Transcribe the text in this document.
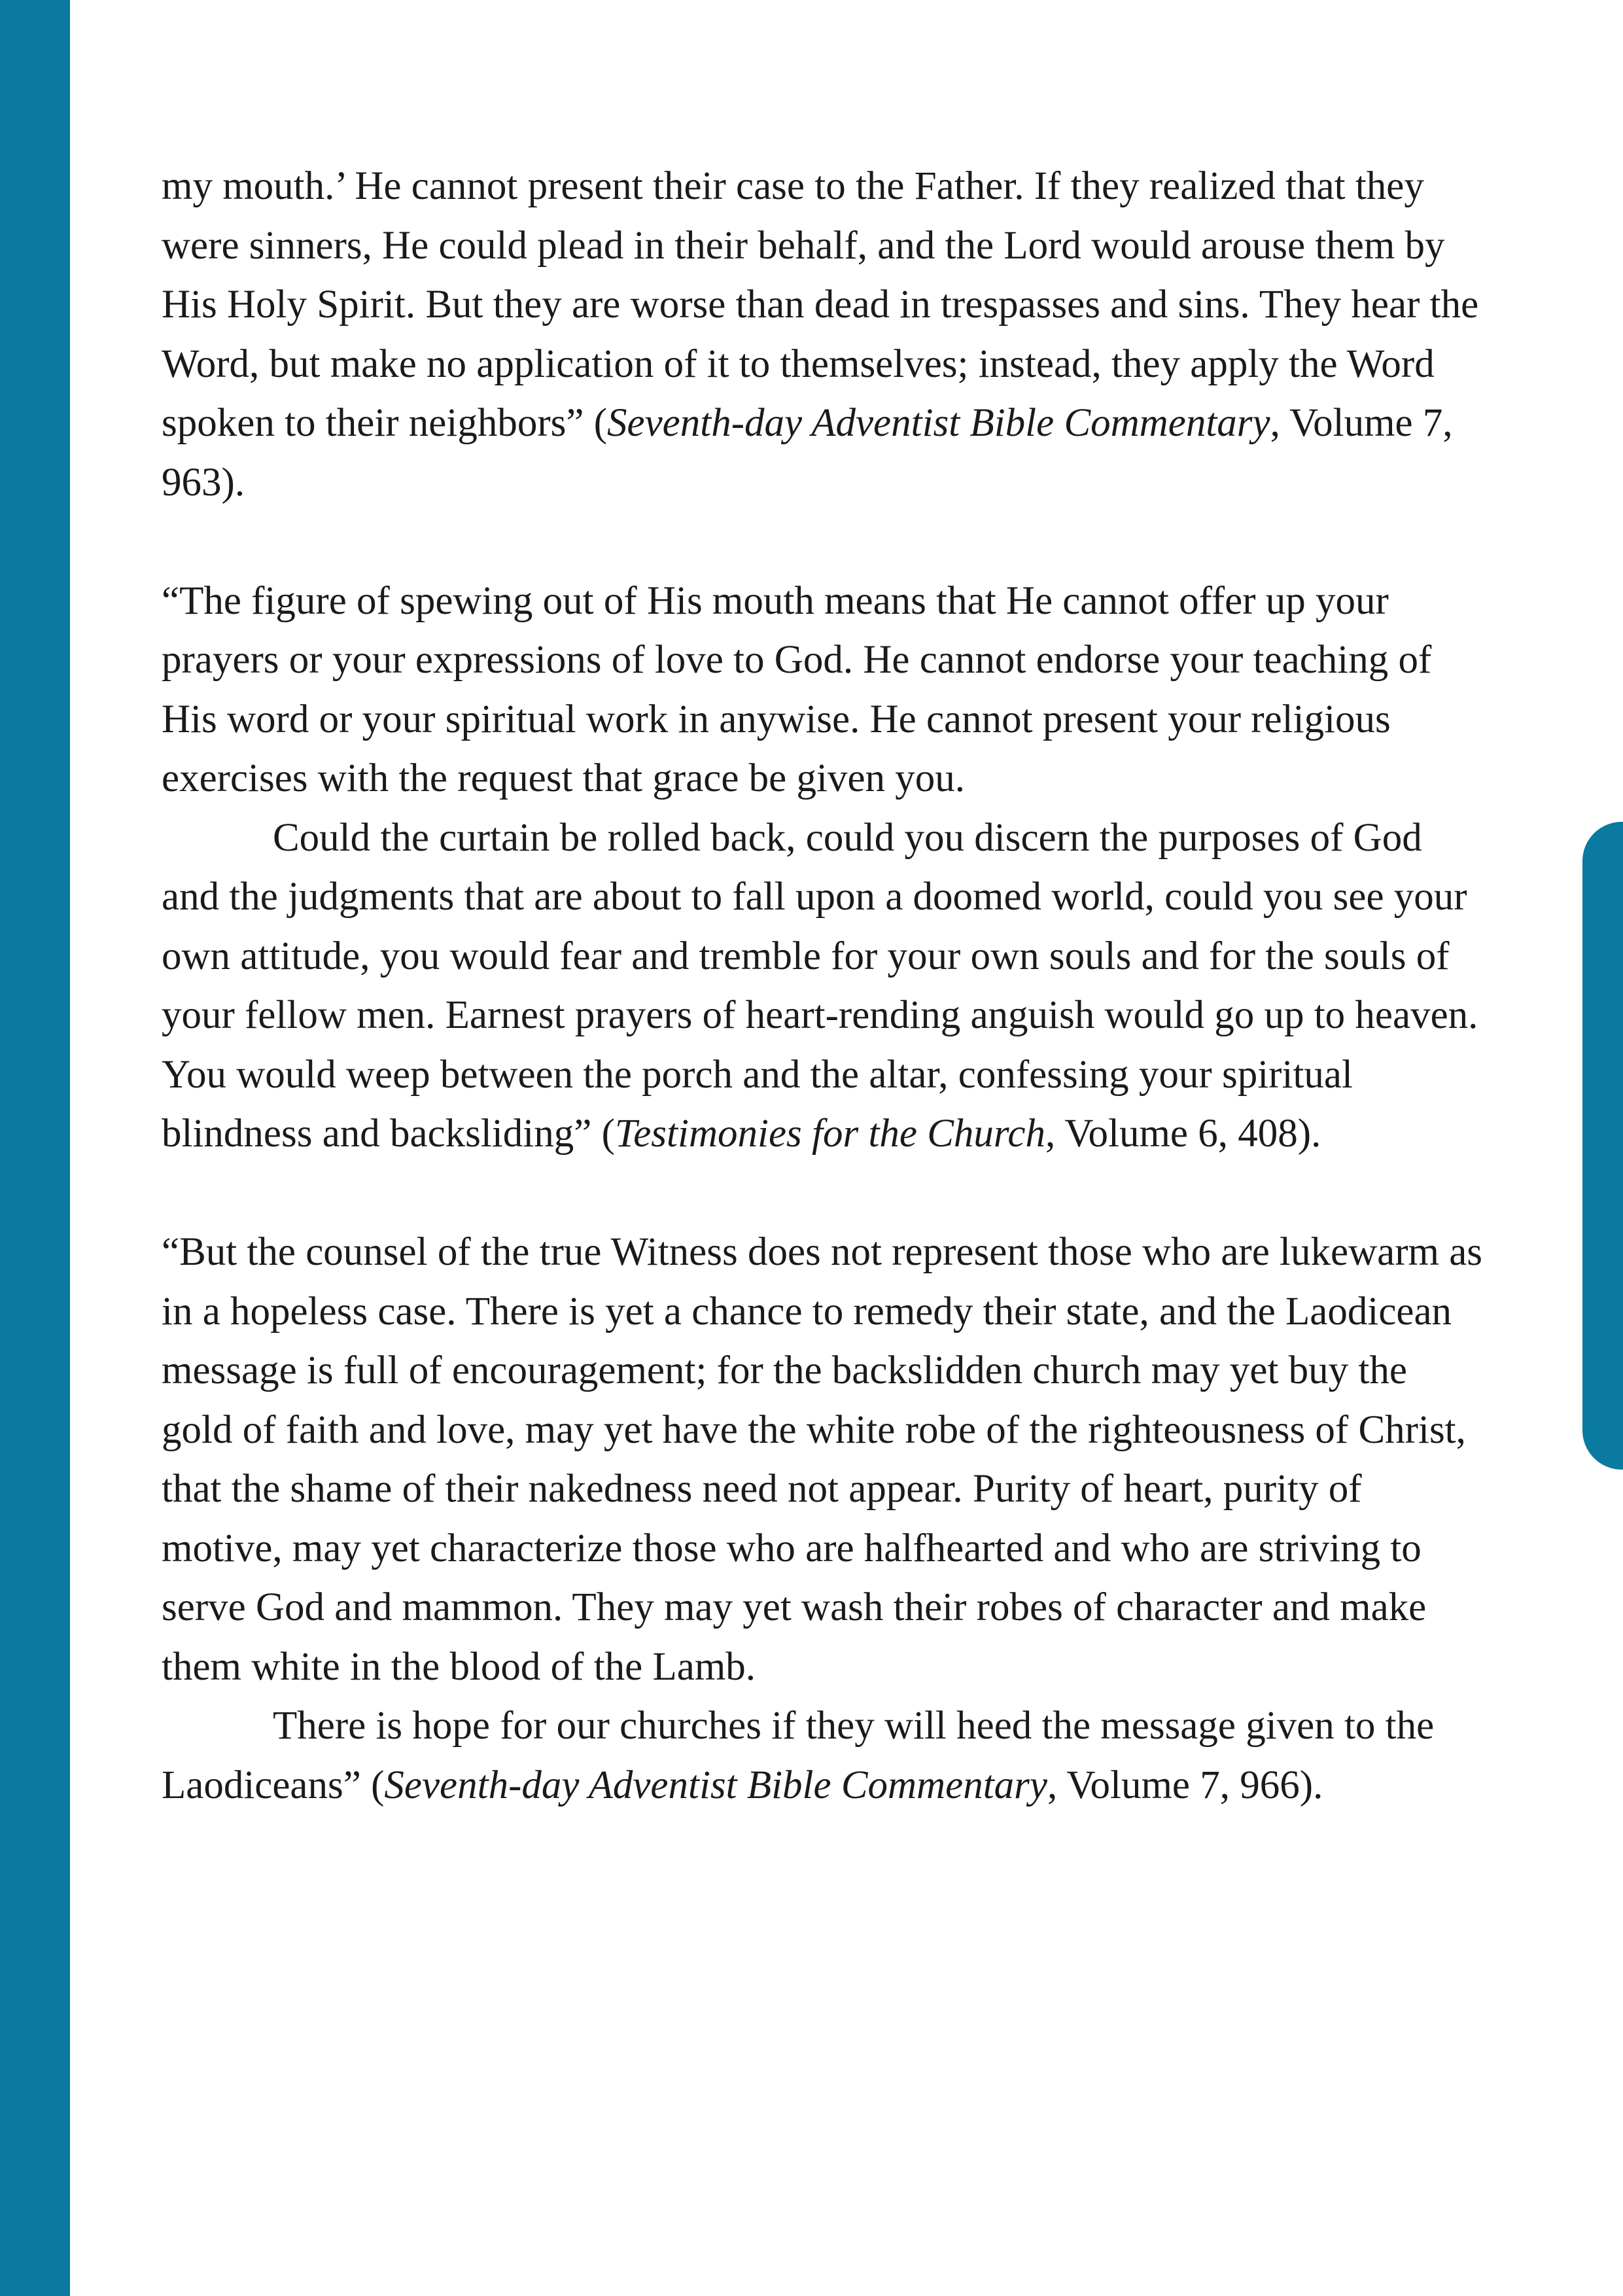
my mouth.’ He cannot present their case to the Father. If they realized that they were sinners, He could plead in their behalf, and the Lord would arouse them by His Holy Spirit. But they are worse than dead in trespasses and sins. They hear the Word, but make no application of it to themselves; instead, they apply the Word spoken to their neighbors” (Seventh-day Adventist Bible Commentary, Volume 7, 963).

“The figure of spewing out of His mouth means that He cannot offer up your prayers or your expressions of love to God. He cannot endorse your teaching of His word or your spiritual work in anywise. He cannot present your religious exercises with the request that grace be given you.

Could the curtain be rolled back, could you discern the purposes of God and the judgments that are about to fall upon a doomed world, could you see your own attitude, you would fear and tremble for your own souls and for the souls of your fellow men. Earnest prayers of heart-rending anguish would go up to heaven. You would weep between the porch and the altar, confessing your spiritual blindness and backsliding” (Testimonies for the Church, Volume 6, 408).

“But the counsel of the true Witness does not represent those who are lukewarm as in a hopeless case. There is yet a chance to remedy their state, and the Laodicean message is full of encouragement; for the backslidden church may yet buy the gold of faith and love, may yet have the white robe of the righteousness of Christ, that the shame of their nakedness need not appear. Purity of heart, purity of motive, may yet characterize those who are halfhearted and who are striving to serve God and mammon. They may yet wash their robes of character and make them white in the blood of the Lamb.

There is hope for our churches if they will heed the message given to the Laodiceans” (Seventh-day Adventist Bible Commentary, Volume 7, 966).
